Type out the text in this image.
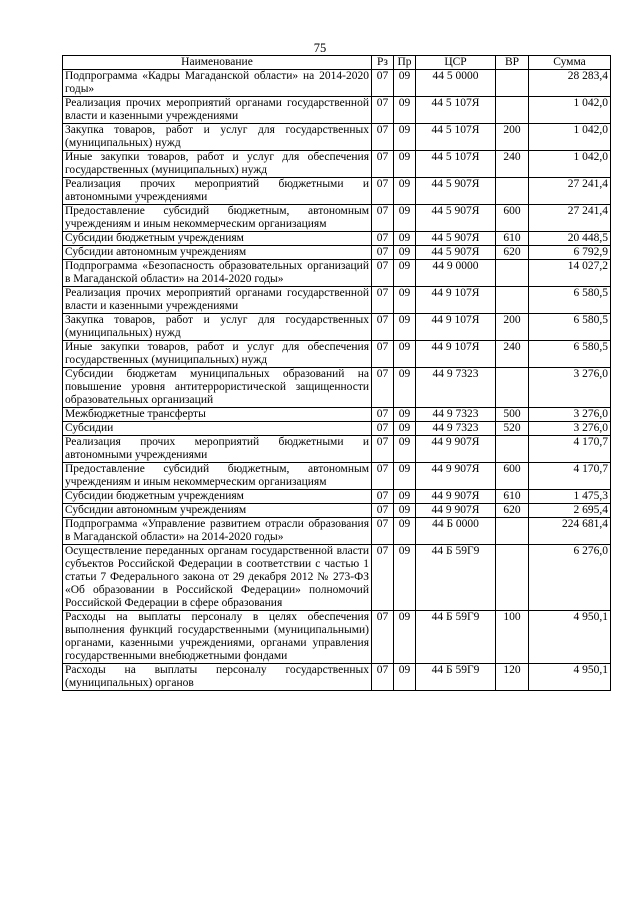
75
Наименование	Рз	Пр	ЦСР	ВР	Сумма
Подпрограмма «Кадры Магаданской области» на 2014-2020 годы»	07	09	44 5 0000		28 283,4
Реализация прочих мероприятий органами государственной власти и казенными учреждениями	07	09	44 5 107Я		1 042,0
Закупка товаров, работ и услуг для государственных (муниципальных) нужд	07	09	44 5 107Я	200	1 042,0
Иные закупки товаров, работ и услуг для обеспечения государственных (муниципальных) нужд	07	09	44 5 107Я	240	1 042,0
Реализация прочих мероприятий бюджетными и автономными учреждениями	07	09	44 5 907Я		27 241,4
Предоставление субсидий бюджетным, автономным учреждениям и иным некоммерческим организациям	07	09	44 5 907Я	600	27 241,4
Субсидии бюджетным учреждениям	07	09	44 5 907Я	610	20 448,5
Субсидии автономным учреждениям	07	09	44 5 907Я	620	6 792,9
Подпрограмма «Безопасность образовательных организаций в Магаданской области» на 2014-2020 годы»	07	09	44 9 0000		14 027,2
Реализация прочих мероприятий органами государственной власти и казенными учреждениями	07	09	44 9 107Я		6 580,5
Закупка товаров, работ и услуг для государственных (муниципальных) нужд	07	09	44 9 107Я	200	6 580,5
Иные закупки товаров, работ и услуг для обеспечения государственных (муниципальных) нужд	07	09	44 9 107Я	240	6 580,5
Субсидии бюджетам муниципальных образований на повышение уровня антитеррористической защищенности образовательных организаций	07	09	44 9 7323		3 276,0
Межбюджетные трансферты	07	09	44 9 7323	500	3 276,0
Субсидии	07	09	44 9 7323	520	3 276,0
Реализация прочих мероприятий бюджетными и автономными учреждениями	07	09	44 9 907Я		4 170,7
Предоставление субсидий бюджетным, автономным учреждениям и иным некоммерческим организациям	07	09	44 9 907Я	600	4 170,7
Субсидии бюджетным учреждениям	07	09	44 9 907Я	610	1 475,3
Субсидии автономным учреждениям	07	09	44 9 907Я	620	2 695,4
Подпрограмма «Управление развитием отрасли образования в Магаданской области» на 2014-2020 годы»	07	09	44 Б 0000		224 681,4
Осуществление переданных органам государственной власти субъектов Российской Федерации в соответствии с частью 1 статьи 7 Федерального закона от 29 декабря 2012 № 273-ФЗ «Об образовании в Российской Федерации» полномочий Российской Федерации в сфере образования	07	09	44 Б 59Г9		6 276,0
Расходы на выплаты персоналу в целях обеспечения выполнения функций государственными (муниципальными) органами, казенными учреждениями, органами управления государственными внебюджетными фондами	07	09	44 Б 59Г9	100	4 950,1
Расходы на выплаты персоналу государственных (муниципальных) органов	07	09	44 Б 59Г9	120	4 950,1
